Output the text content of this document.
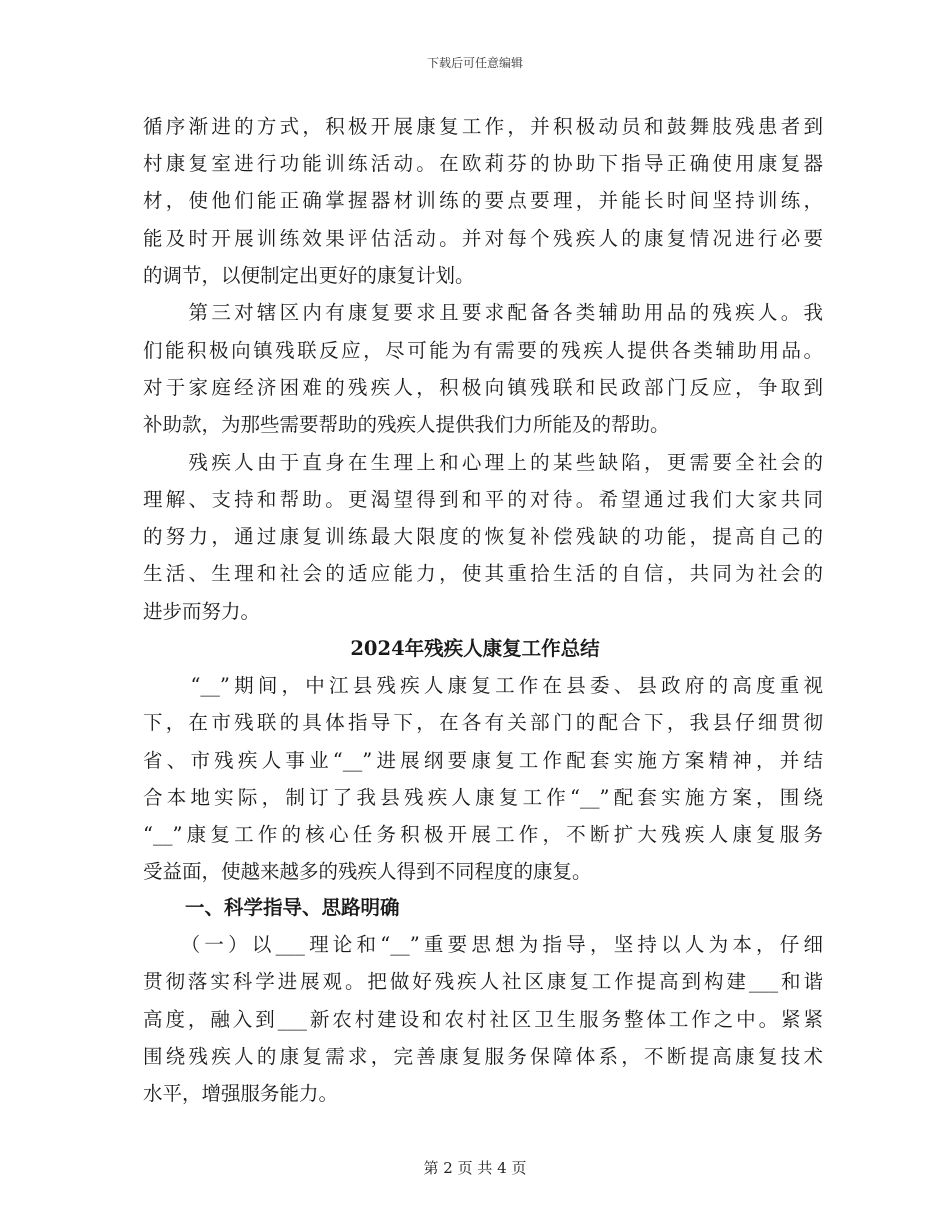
下载后可任意编辑
循序渐进的方式，积极开展康复工作，并积极动员和鼓舞肢残患者到
村康复室进行功能训练活动。在欧莉芬的协助下指导正确使用康复器
材，使他们能正确掌握器材训练的要点要理，并能长时间坚持训练，
能及时开展训练效果评估活动。并对每个残疾人的康复情况进行必要
的调节，以便制定出更好的康复计划。
　　第三对辖区内有康复要求且要求配备各类辅助用品的残疾人。我
们能积极向镇残联反应，尽可能为有需要的残疾人提供各类辅助用品。
对于家庭经济困难的残疾人，积极向镇残联和民政部门反应，争取到
补助款，为那些需要帮助的残疾人提供我们力所能及的帮助。
　　残疾人由于直身在生理上和心理上的某些缺陷，更需要全社会的
理解、支持和帮助。更渴望得到和平的对待。希望通过我们大家共同
的努力，通过康复训练最大限度的恢复补偿残缺的功能，提高自己的
生活、生理和社会的适应能力，使其重拾生活的自信，共同为社会的
进步而努力。
2024年残疾人康复工作总结
　　“__”期间，中江县残疾人康复工作在县委、县政府的高度重视
下，在市残联的具体指导下，在各有关部门的配合下，我县仔细贯彻
省、市残疾人事业“__”进展纲要康复工作配套实施方案精神，并结
合本地实际，制订了我县残疾人康复工作“__”配套实施方案，围绕
“__”康复工作的核心任务积极开展工作，不断扩大残疾人康复服务
受益面，使越来越多的残疾人得到不同程度的康复。
一、科学指导、思路明确
　　（一）以___理论和“__”重要思想为指导，坚持以人为本，仔细
贯彻落实科学进展观。把做好残疾人社区康复工作提高到构建___和谐
高度，融入到___新农村建设和农村社区卫生服务整体工作之中。紧紧
围绕残疾人的康复需求，完善康复服务保障体系，不断提高康复技术
水平，增强服务能力。
第 2 页 共 4 页
